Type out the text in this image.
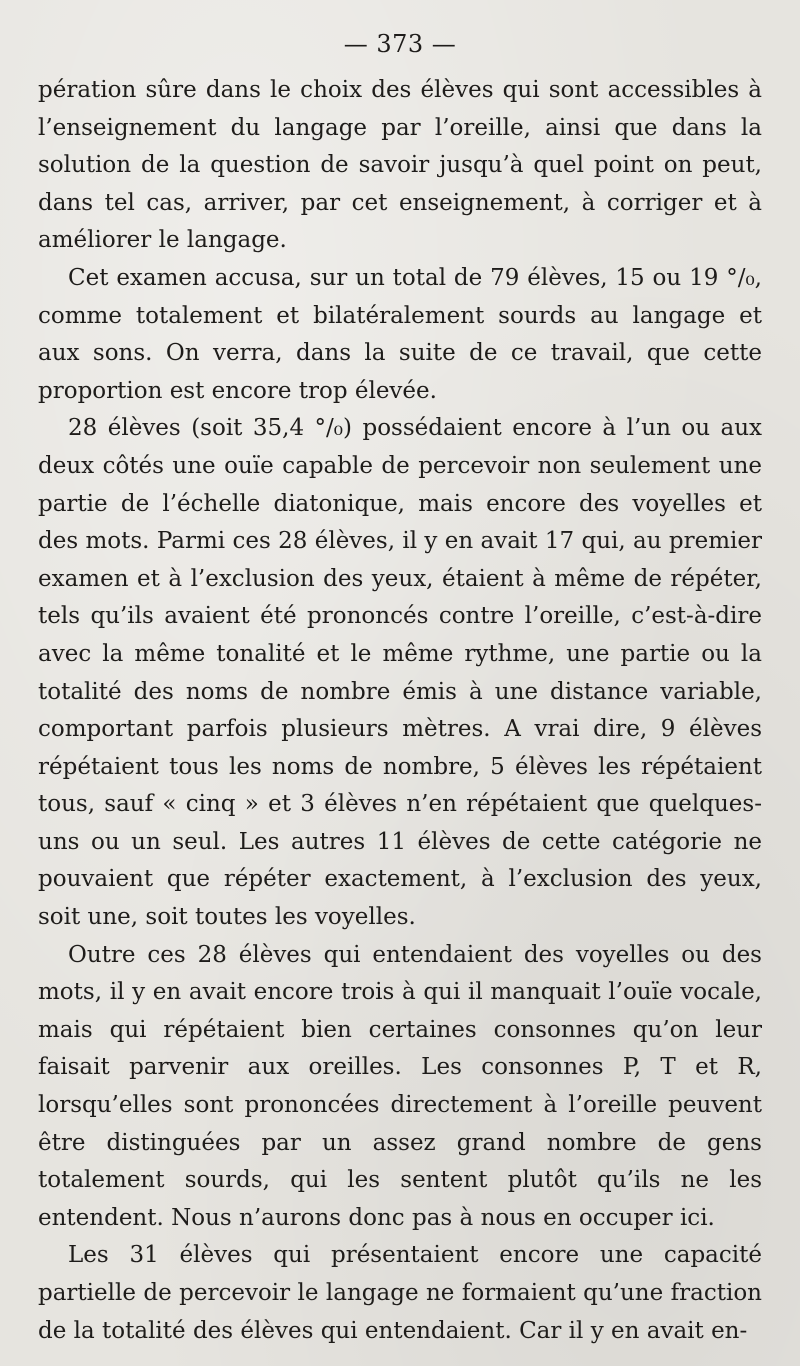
— 373 —

pération sûre dans le choix des élèves qui sont accessibles à l’enseignement du langage par l’oreille, ainsi que dans la solution de la question de savoir jusqu’à quel point on peut, dans tel cas, arriver, par cet enseignement, à corriger et à améliorer le langage.

Cet examen accusa, sur un total de 79 élèves, 15 ou 19 °/₀, comme totalement et bilatéralement sourds au langage et aux sons. On verra, dans la suite de ce travail, que cette proportion est encore trop élevée.

28 élèves (soit 35,4 °/₀) possédaient encore à l’un ou aux deux côtés une ouïe capable de percevoir non seulement une partie de l’échelle diatonique, mais encore des voyelles et des mots. Parmi ces 28 élèves, il y en avait 17 qui, au premier examen et à l’exclusion des yeux, étaient à même de répéter, tels qu’ils avaient été prononcés contre l’oreille, c’est-à-dire avec la même tonalité et le même rythme, une partie ou la totalité des noms de nombre émis à une distance variable, comportant parfois plusieurs mètres. A vrai dire, 9 élèves répétaient tous les noms de nombre, 5 élèves les répétaient tous, sauf « cinq » et 3 élèves n’en répétaient que quelques-uns ou un seul. Les autres 11 élèves de cette catégorie ne pouvaient que répéter exactement, à l’exclusion des yeux, soit une, soit toutes les voyelles.

Outre ces 28 élèves qui entendaient des voyelles ou des mots, il y en avait encore trois à qui il manquait l’ouïe vocale, mais qui répétaient bien certaines consonnes qu’on leur faisait parvenir aux oreilles. Les consonnes P, T et R, lorsqu’elles sont prononcées directement à l’oreille peuvent être distinguées par un assez grand nombre de gens totalement sourds, qui les sentent plutôt qu’ils ne les entendent. Nous n’aurons donc pas à nous en occuper ici.

Les 31 élèves qui présentaient encore une capacité partielle de percevoir le langage ne formaient qu’une fraction de la totalité des élèves qui entendaient. Car il y en avait en-
